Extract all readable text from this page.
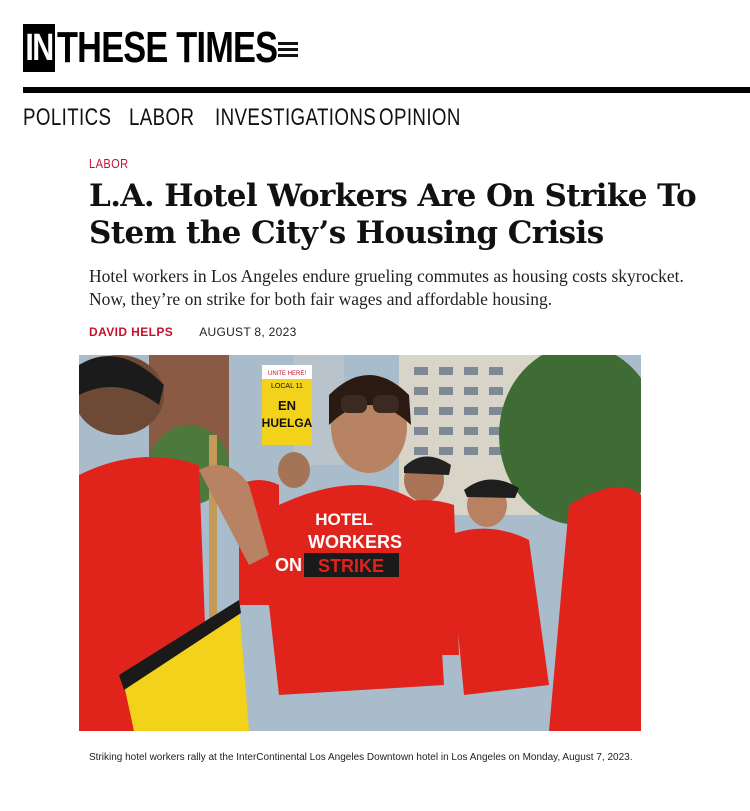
IN THESE TIMES
POLITICS LABOR INVESTIGATIONS OPINION
LABOR
L.A. Hotel Workers Are On Strike To Stem the City’s Housing Crisis

Hotel workers in Los Angeles endure grueling commutes as housing costs skyrocket. Now, they’re on strike for both fair wages and affordable housing.

DAVID HELPS AUGUST 8, 2023
UNITE HERE!
LOCAL 11
EN
HUELGA
HOTEL
WORKERS
ON STRIKE
Striking hotel workers rally at the InterContinental Los Angeles Downtown hotel in Los Angeles on Monday, August 7, 2023.
